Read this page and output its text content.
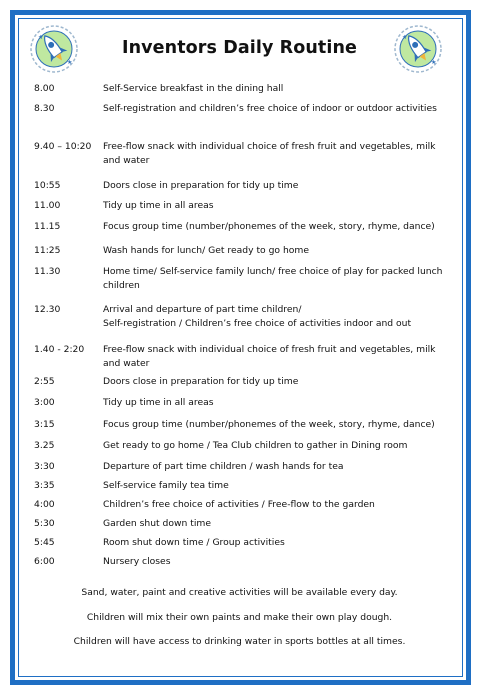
★
★
★
★
Inventors Daily Routine
8.00	Self-Service breakfast in the dining hall
8.30	Self-registration and children’s free choice of indoor or outdoor activities
9.40 – 10:20	Free-flow snack with individual choice of fresh fruit and vegetables, milk and water
10:55	Doors close in preparation for tidy up time
11.00	Tidy up time in all areas
11.15	Focus group time (number/phonemes of the week, story, rhyme, dance)
11:25	Wash hands for lunch/ Get ready to go home
11.30	Home time/ Self-service family lunch/ free choice of play for packed lunch children
12.30	Arrival and departure of part time children/
Self-registration / Children’s free choice of activities indoor and out
1.40 - 2:20	Free-flow snack with individual choice of fresh fruit and vegetables, milk and water
2:55	Doors close in preparation for tidy up time
3:00	Tidy up time in all areas
3:15	Focus group time (number/phonemes of the week, story, rhyme, dance)
3.25	Get ready to go home / Tea Club children to gather in Dining room
3:30	Departure of part time children / wash hands for tea
3:35	Self-service family tea time
4:00	Children’s free choice of activities / Free-flow to the garden
5:30	Garden shut down time
5:45	Room shut down time / Group activities
6:00	Nursery closes
Sand, water, paint and creative activities will be available every day.
Children will mix their own paints and make their own play dough.
Children will have access to drinking water in sports bottles at all times.
